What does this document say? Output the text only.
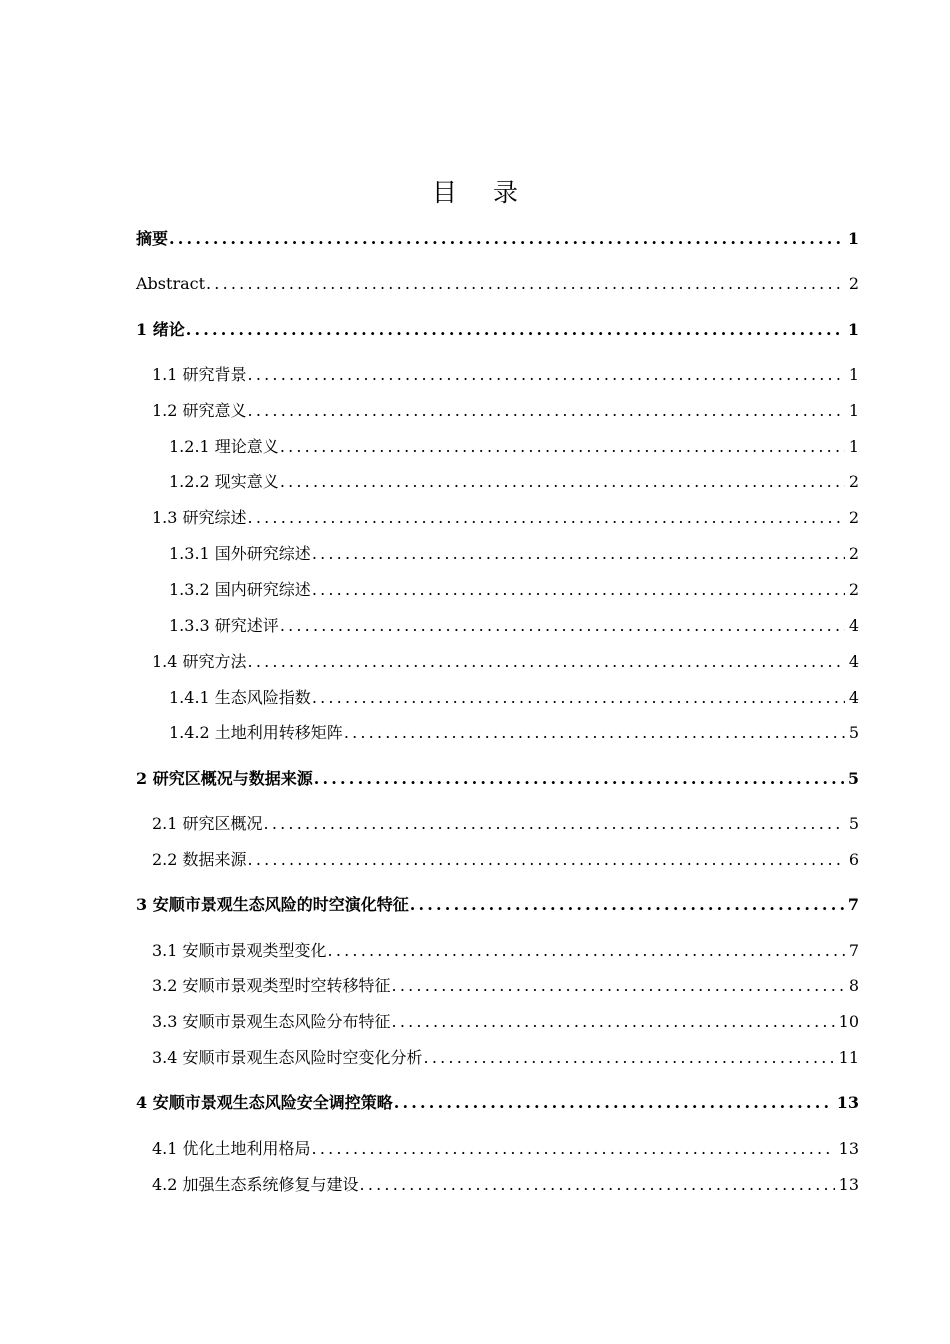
目 录
摘要 .....	1
Abstract .....	2
1 绪论 .....	1
1.1 研究背景 .....	1
1.2 研究意义 .....	1
1.2.1 理论意义 .....	1
1.2.2 现实意义 .....	2
1.3 研究综述 .....	2
1.3.1 国外研究综述 .....	2
1.3.2 国内研究综述 .....	2
1.3.3 研究述评 .....	4
1.4 研究方法 .....	4
1.4.1 生态风险指数 .....	4
1.4.2 土地利用转移矩阵 .....	5
2 研究区概况与数据来源 .....	5
2.1 研究区概况 .....	5
2.2 数据来源 .....	6
3 安顺市景观生态风险的时空演化特征 .....	7
3.1 安顺市景观类型变化 .....	7
3.2 安顺市景观类型时空转移特征 .....	8
3.3 安顺市景观生态风险分布特征 .....	10
3.4 安顺市景观生态风险时空变化分析 .....	11
4 安顺市景观生态风险安全调控策略 .....	13
4.1 优化土地利用格局 .....	13
4.2 加强生态系统修复与建设 .....	13
